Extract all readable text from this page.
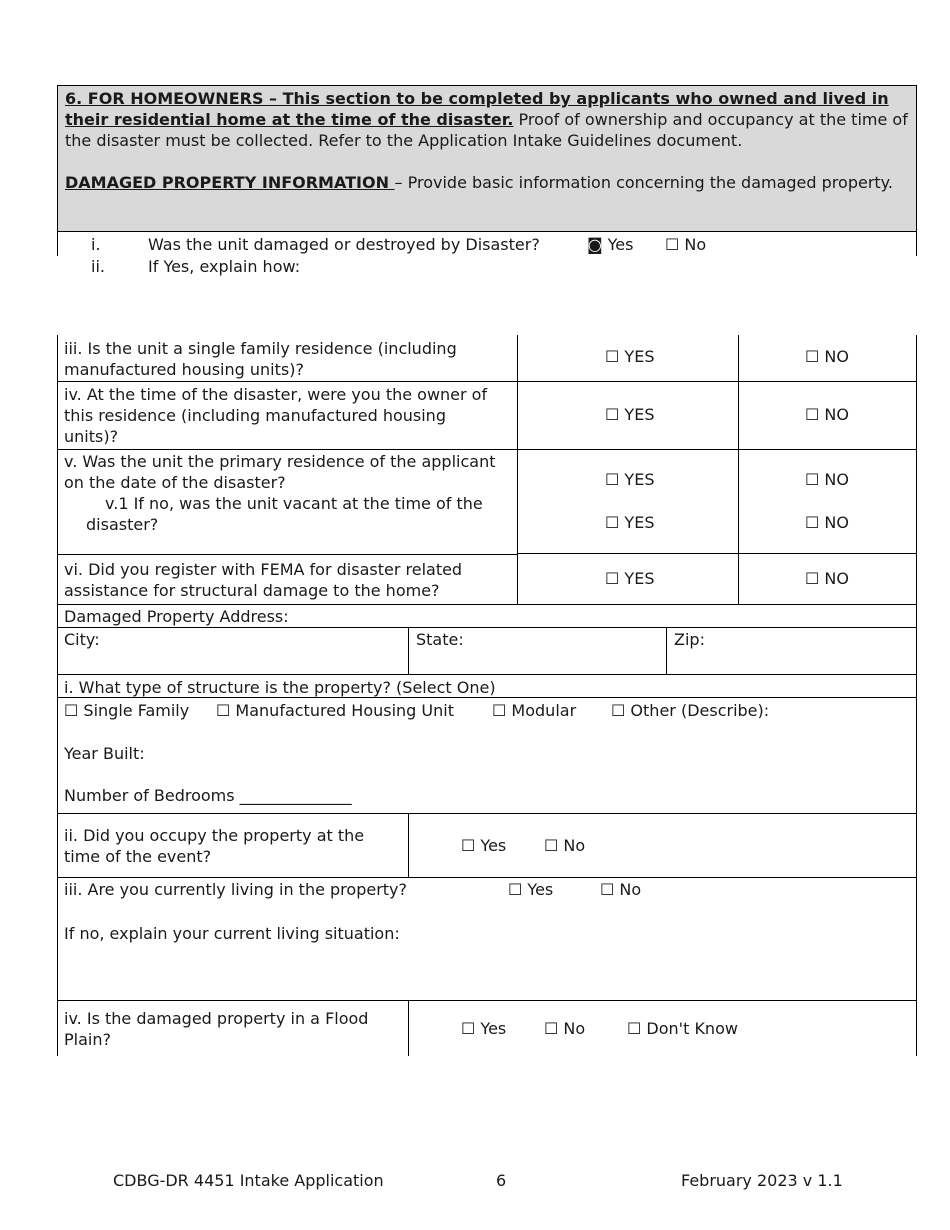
6. FOR HOMEOWNERS – This section to be completed by applicants who owned and lived in their residential home at the time of the disaster. Proof of ownership and occupancy at the time of the disaster must be collected. Refer to the Application Intake Guidelines document.
DAMAGED PROPERTY INFORMATION – Provide basic information concerning the damaged property.
i.	Was the unit damaged or destroyed by Disaster?	◙ Yes ☐ No
ii.	If Yes, explain how:
iii. Is the unit a single family residence (including manufactured housing units)?
☐ YES	☐ NO
iv. At the time of the disaster, were you the owner of this residence (including manufactured housing units)?
☐ YES	☐ NO
v. Was the unit the primary residence of the applicant on the date of the disaster?
v.1 If no, was the unit vacant at the time of the disaster?
☐ YES	☐ NO
☐ YES	☐ NO
vi. Did you register with FEMA for disaster related assistance for structural damage to the home?
☐ YES	☐ NO
Damaged Property Address:
City:	State:	Zip:
i. What type of structure is the property? (Select One)
☐ Single Family ☐ Manufactured Housing Unit ☐ Modular ☐ Other (Describe):
Year Built:
Number of Bedrooms ______________
ii. Did you occupy the property at the time of the event?
☐ Yes ☐ No
iii. Are you currently living in the property?	☐ Yes	☐ No
If no, explain your current living situation:
iv. Is the damaged property in a Flood Plain?
☐ Yes ☐ No	☐ Don't Know
CDBG-DR 4451 Intake Application	6	February 2023 v 1.1
